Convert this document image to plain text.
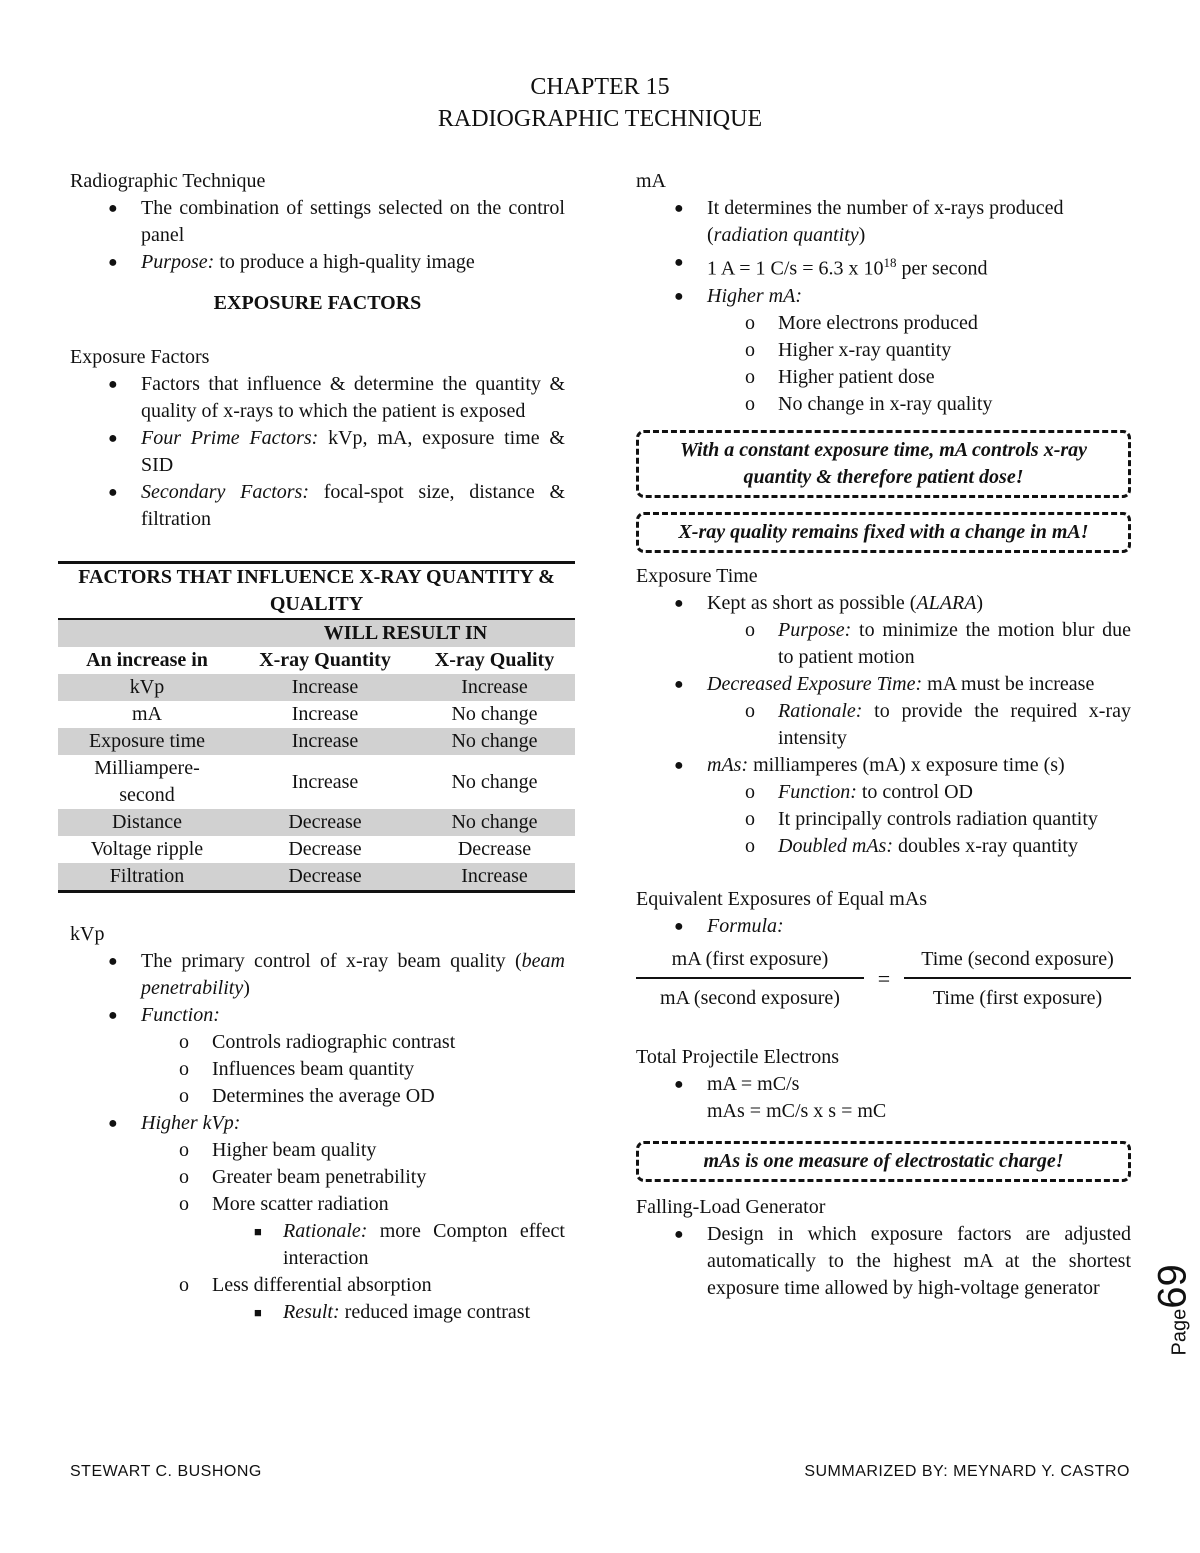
CHAPTER 15
RADIOGRAPHIC TECHNIQUE

Radiographic Technique

● The combination of settings selected on the control panel
● Purpose: to produce a high-quality image
EXPOSURE FACTORS

Exposure Factors

● Factors that influence & determine the quantity & quality of x-rays to which the patient is exposed
● Four Prime Factors: kVp, mA, exposure time & SID
● Secondary Factors: focal-spot size, distance & filtration
FACTORS THAT INFLUENCE X-RAY QUANTITY & QUALITY		
	WILL RESULT IN	
An increase in	X-ray Quantity	X-ray Quality
kVp	Increase	Increase
mA	Increase	No change
Exposure time	Increase	No change
Milliampere-second	Increase	No change
Distance	Decrease	No change
Voltage ripple	Decrease	Decrease
Filtration	Decrease	Increase

kVp

● The primary control of x-ray beam quality (beam penetrability)
● Function:
o Controls radiographic contrast
o Influences beam quantity
o Determines the average OD
● Higher kVp:
o Higher beam quality
o Greater beam penetrability
o More scatter radiation
■ Rationale: more Compton effect interaction
o Less differential absorption
■ Result: reduced image contrast

mA

● It determines the number of x-rays produced (radiation quantity)
● 1 A = 1 C/s = 6.3 x $10^{18}$ per second
● Higher mA:
o More electrons produced
o Higher x-ray quantity
o Higher patient dose
o No change in x-ray quality
With a constant exposure time, mA controls x-ray quantity & therefore patient dose!
X-ray quality remains fixed with a change in mA!

Exposure Time

● Kept as short as possible (ALARA)
o Purpose: to minimize the motion blur due to patient motion
● Decreased Exposure Time: mA must be increase
o Rationale: to provide the required x-ray intensity
● mAs: milliamperes (mA) x exposure time (s)
o Function: to control OD
o It principally controls radiation quantity
o Doubled mAs: doubles x-ray quantity

Equivalent Exposures of Equal mAs

● Formula:
$\frac{\text{mA (first exposure)}}{\text{mA (second exposure)}} = \frac{\text{Time (second exposure)}}{\text{Time (first exposure)}}$

Total Projectile Electrons

● mA = mC/s
mAs = mC/s x s = mC
mAs is one measure of electrostatic charge!

Falling-Load Generator

● Design in which exposure factors are adjusted automatically to the highest mA at the shortest exposure time allowed by high-voltage generator
Page69
STEWART C. BUSHONG	SUMMARIZED BY: MEYNARD Y. CASTRO
